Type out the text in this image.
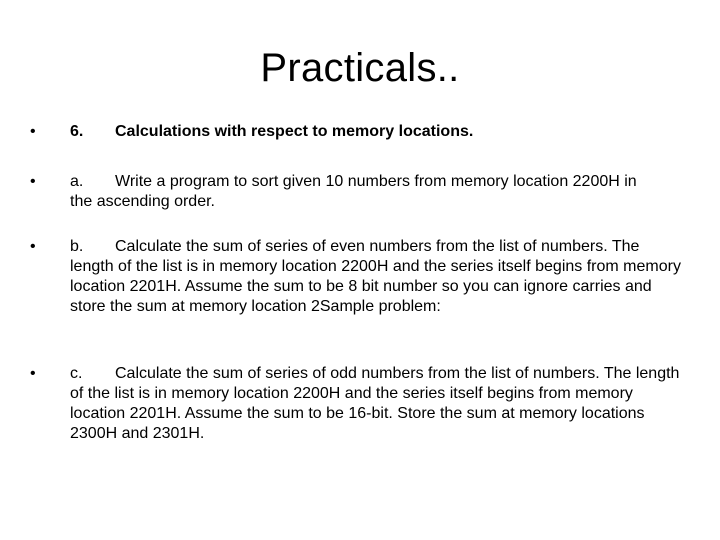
Practicals..
• 6. Calculations with respect to memory locations.

• a. Write a program to sort given 10 numbers from memory location 2200H in the ascending order.

• b. Calculate the sum of series of even numbers from the list of numbers. The length of the list is in memory location 2200H and the series itself begins from memory location 2201H. Assume the sum to be 8 bit number so you can ignore carries and store the sum at memory location 2Sample problem:

• c. Calculate the sum of series of odd numbers from the list of numbers. The length of the list is in memory location 2200H and the series itself begins from memory location 2201H. Assume the sum to be 16-bit. Store the sum at memory locations 2300H and 2301H.
